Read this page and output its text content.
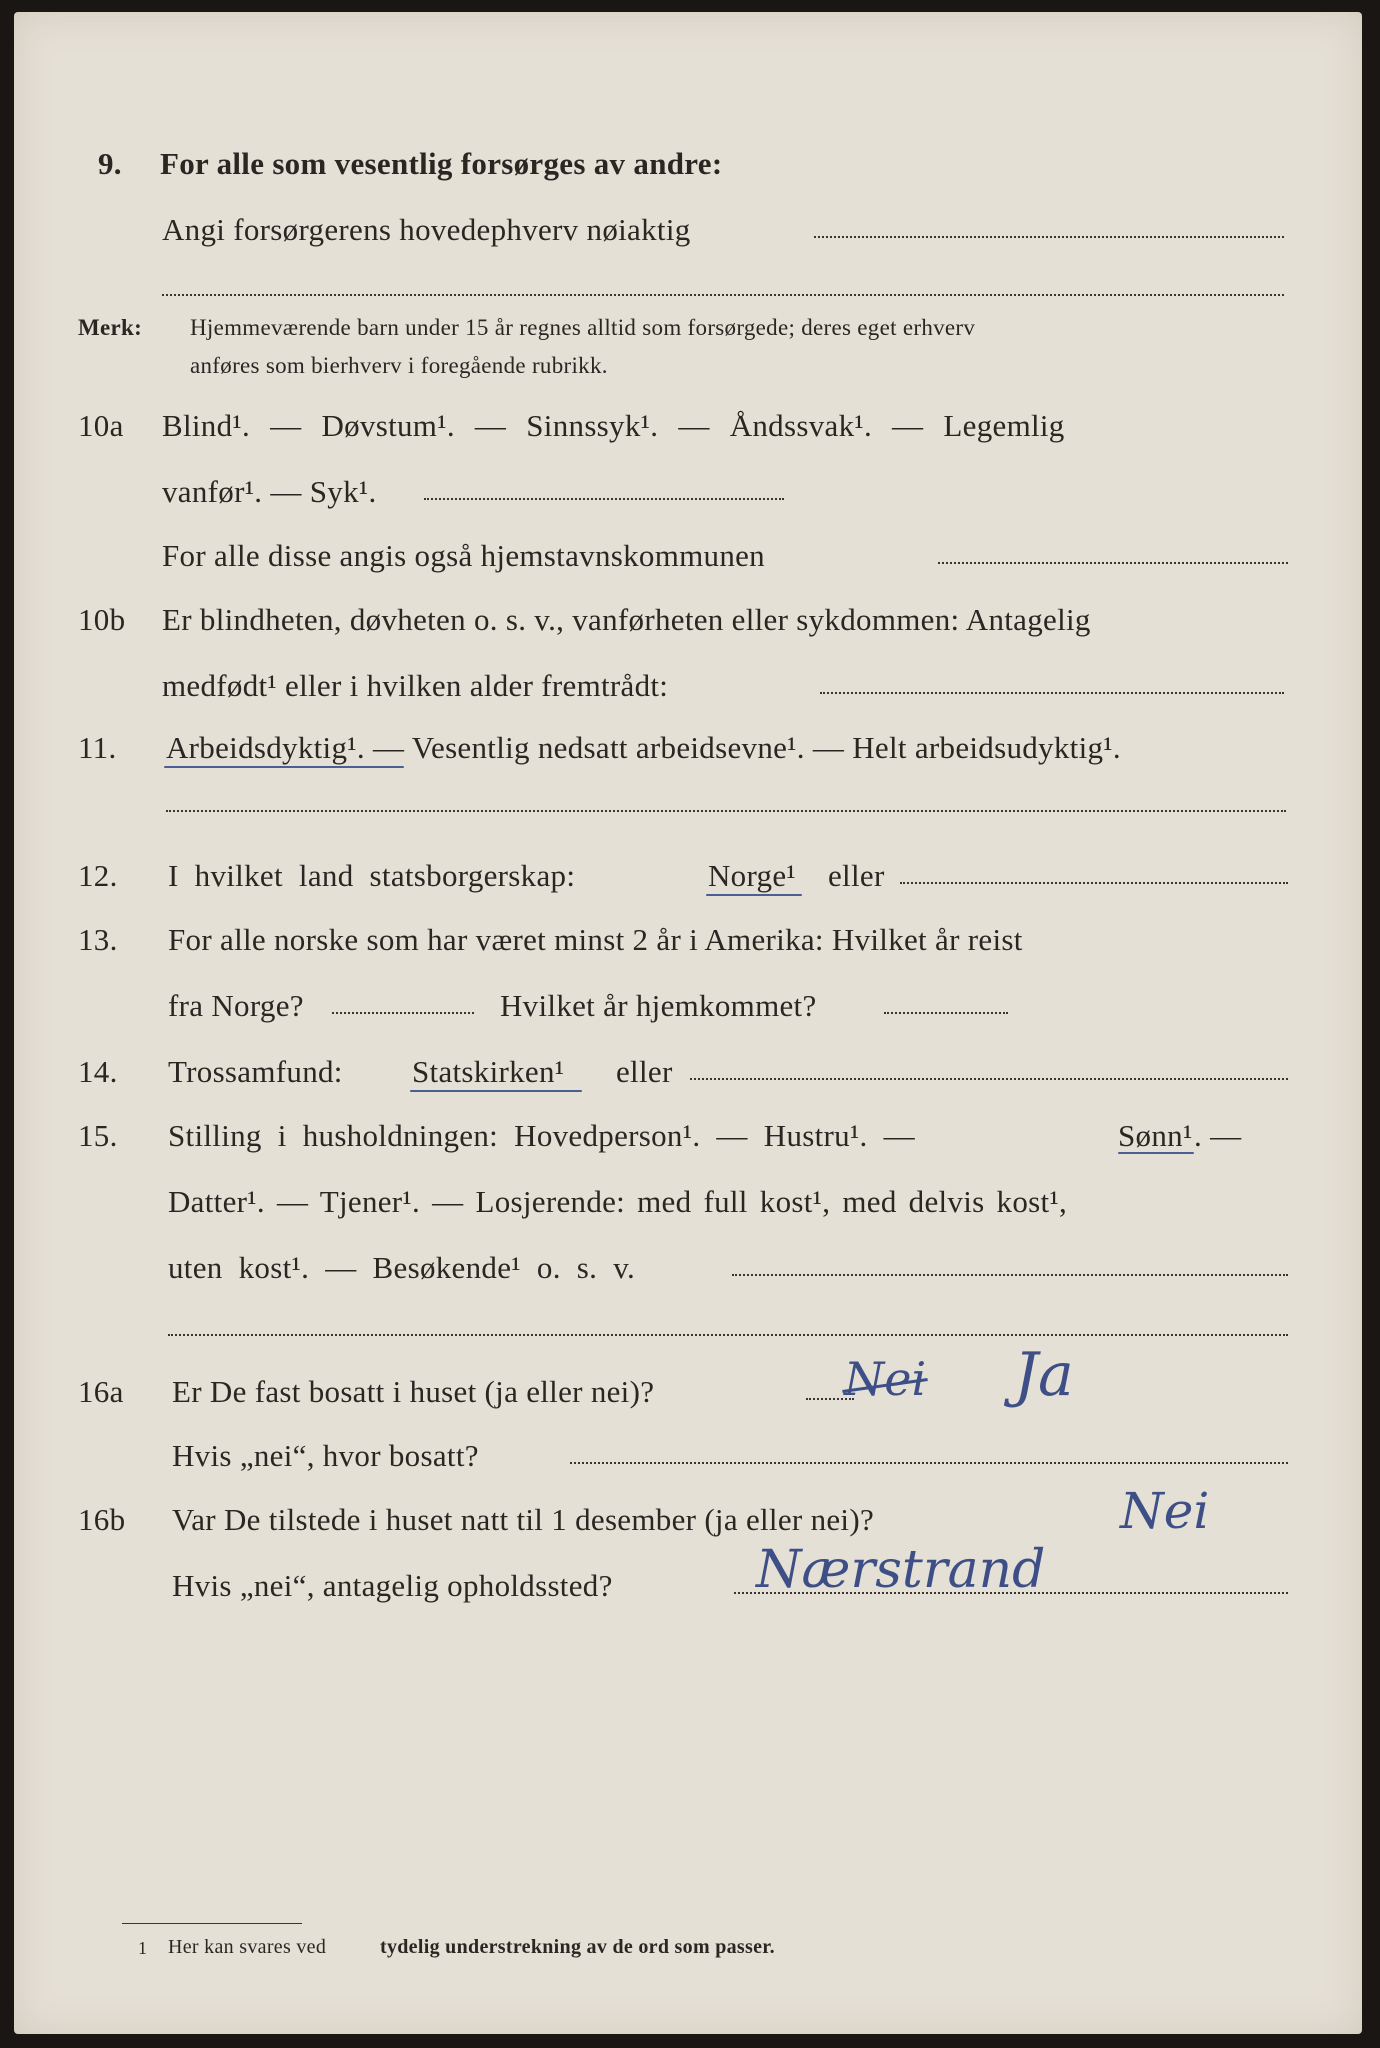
9. For alle som vesentlig forsørges av andre:
Angi forsørgerens hovedерhverv nøiaktig
Merk: Hjemmeværende barn under 15 år regnes alltid som forsørgede; deres eget erhverv
anføres som bierhverv i foregående rubrikk.
10a Blind¹. — Døvstum¹. — Sinnssyk¹. — Åndssvak¹. — Legemlig
vanfør¹. — Syk¹.
For alle disse angis også hjemstavnskommunen
10b Er blindheten, døvheten o. s. v., vanførheten eller sykdommen: Antagelig
medfødt¹ eller i hvilken alder fremtrådt:
11. Arbeidsdyktig¹. — Vesentlig nedsatt arbeidsevne¹. — Helt arbeidsudyktig¹.
12. I hvilket land statsborgerskap:	Norge¹ eller
13. For alle norske som har været minst 2 år i Amerika: Hvilket år reist
fra Norge?	Hvilket år hjemkommet?
14. Trossamfund: Statskirken¹ eller
15. Stilling i husholdningen: Hovedperson¹. — Hustru¹. —	Sønn¹ . —
Datter¹. — Tjener¹. — Losjerende: med full kost¹, med delvis kost¹,
uten kost¹. — Besøkende¹ o. s. v.
16a Er De fast bosatt i huset (ja eller nei)?	Nei Ja
Hvis „nei“, hvor bosatt?
16b Var De tilstede i huset natt til 1 desember (ja eller nei)?	Nei
Hvis „nei“, antagelig opholdssted?	Nærstrand
1 Her kan svares ved	tydelig understrekning av de ord som passer.
